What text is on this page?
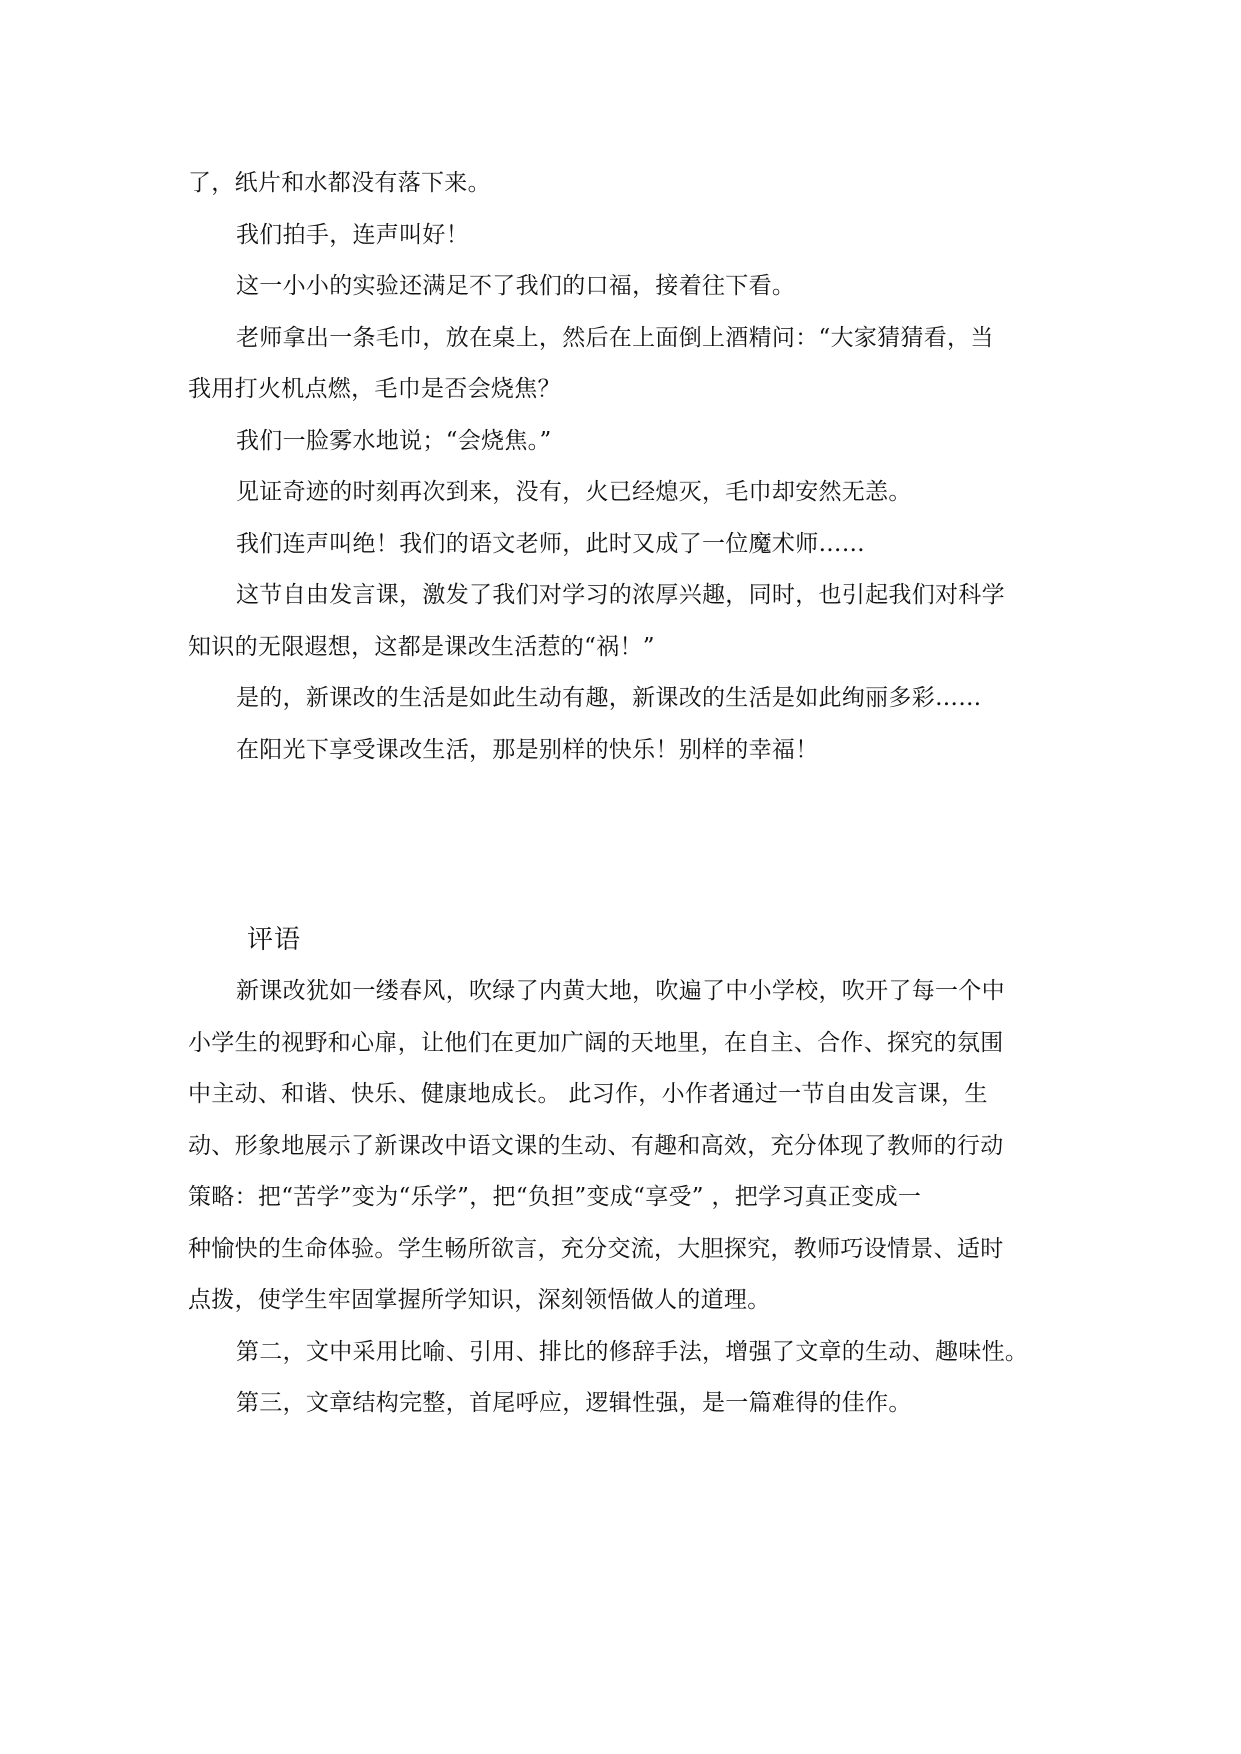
了，纸片和水都没有落下来。
我们拍手，连声叫好！
这一小小的实验还满足不了我们的口福，接着往下看。
老师拿出一条毛巾，放在桌上，然后在上面倒上酒精问：“大家猜猜看，当
我用打火机点燃，毛巾是否会烧焦？
我们一脸雾水地说；“会烧焦。”
见证奇迹的时刻再次到来，没有，火已经熄灭，毛巾却安然无恙。
我们连声叫绝！我们的语文老师，此时又成了一位魔术师……
这节自由发言课，激发了我们对学习的浓厚兴趣，同时，也引起我们对科学
知识的无限遐想，这都是课改生活惹的“祸！”
是的，新课改的生活是如此生动有趣，新课改的生活是如此绚丽多彩……
在阳光下享受课改生活，那是别样的快乐！别样的幸福！
评语
新课改犹如一缕春风，吹绿了内黄大地，吹遍了中小学校，吹开了每一个中
小学生的视野和心扉，让他们在更加广阔的天地里，在自主、合作、探究的氛围
中主动、和谐、快乐、健康地成长。 此习作，小作者通过一节自由发言课，生
动、形象地展示了新课改中语文课的生动、有趣和高效，充分体现了教师的行动
策略：把“苦学”变为“乐学”，把“负担”变成“享受” ，把学习真正变成一
种愉快的生命体验。学生畅所欲言，充分交流，大胆探究，教师巧设情景、适时
点拨，使学生牢固掌握所学知识，深刻领悟做人的道理。
第二，文中采用比喻、引用、排比的修辞手法，增强了文章的生动、趣味性。
第三，文章结构完整，首尾呼应，逻辑性强，是一篇难得的佳作。
